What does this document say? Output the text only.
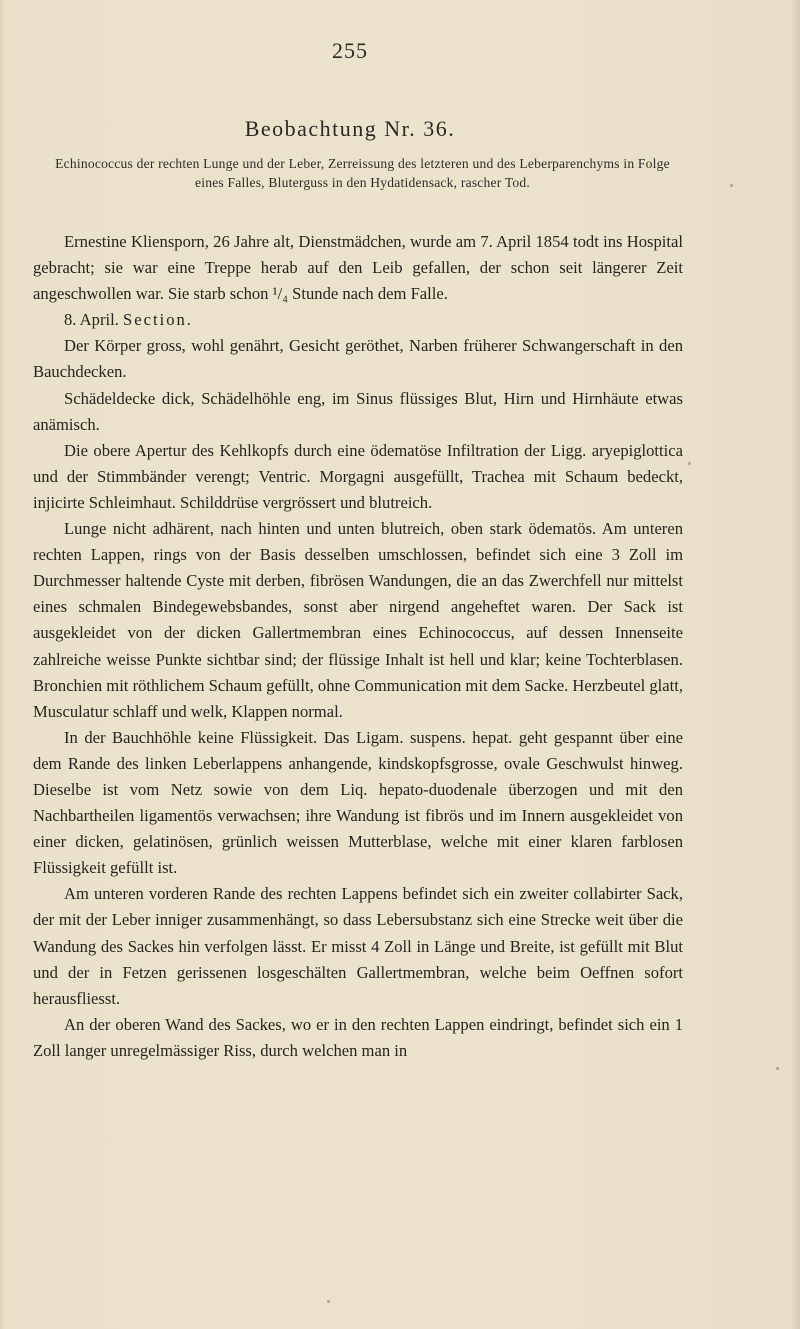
255
Beobachtung Nr. 36.
Echinococcus der rechten Lunge und der Leber, Zerreissung des letzteren und des Leberparenchyms in Folge eines Falles, Bluterguss in den Hydatidensack, rascher Tod.

Ernestine Kliensporn, 26 Jahre alt, Dienstmädchen, wurde am 7. April 1854 todt ins Hospital gebracht; sie war eine Treppe herab auf den Leib gefallen, der schon seit längerer Zeit angeschwollen war. Sie starb schon ¹/₄ Stunde nach dem Falle.

8. April. Section.

Der Körper gross, wohl genährt, Gesicht geröthet, Narben früherer Schwangerschaft in den Bauchdecken.

Schädeldecke dick, Schädelhöhle eng, im Sinus flüssiges Blut, Hirn und Hirnhäute etwas anämisch.

Die obere Apertur des Kehlkopfs durch eine ödematöse Infiltration der Ligg. aryepiglottica und der Stimmbänder verengt; Ventric. Morgagni ausgefüllt, Trachea mit Schaum bedeckt, injicirte Schleimhaut. Schilddrüse vergrössert und blutreich.

Lunge nicht adhärent, nach hinten und unten blutreich, oben stark ödematös. Am unteren rechten Lappen, rings von der Basis desselben umschlossen, befindet sich eine 3 Zoll im Durchmesser haltende Cyste mit derben, fibrösen Wandungen, die an das Zwerchfell nur mittelst eines schmalen Bindegewebsbandes, sonst aber nirgend angeheftet waren. Der Sack ist ausgekleidet von der dicken Gallertmembran eines Echinococcus, auf dessen Innenseite zahlreiche weisse Punkte sichtbar sind; der flüssige Inhalt ist hell und klar; keine Tochterblasen. Bronchien mit röthlichem Schaum gefüllt, ohne Communication mit dem Sacke. Herzbeutel glatt, Musculatur schlaff und welk, Klappen normal.

In der Bauchhöhle keine Flüssigkeit. Das Ligam. suspens. hepat. geht gespannt über eine dem Rande des linken Leberlappens anhangende, kindskopfsgrosse, ovale Geschwulst hinweg. Dieselbe ist vom Netz sowie von dem Liq. hepato-duodenale überzogen und mit den Nachbartheilen ligamentös verwachsen; ihre Wandung ist fibrös und im Innern ausgekleidet von einer dicken, gelatinösen, grünlich weissen Mutterblase, welche mit einer klaren farblosen Flüssigkeit gefüllt ist.

Am unteren vorderen Rande des rechten Lappens befindet sich ein zweiter collabirter Sack, der mit der Leber inniger zusammenhängt, so dass Lebersubstanz sich eine Strecke weit über die Wandung des Sackes hin verfolgen lässt. Er misst 4 Zoll in Länge und Breite, ist gefüllt mit Blut und der in Fetzen gerissenen losgeschälten Gallertmembran, welche beim Oeffnen sofort herausfliesst.

An der oberen Wand des Sackes, wo er in den rechten Lappen eindringt, befindet sich ein 1 Zoll langer unregelmässiger Riss, durch welchen man in
